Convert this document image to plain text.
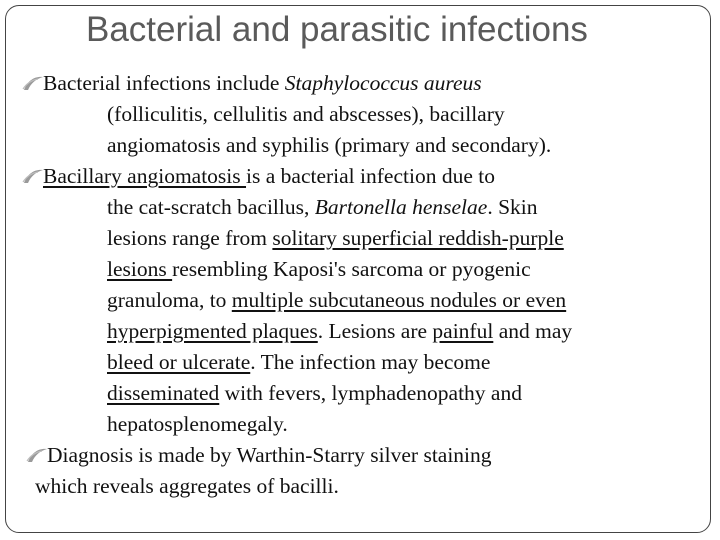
Bacterial and parasitic infections
Bacterial infections include Staphylococcus aureus
(folliculitis, cellulitis and abscesses), bacillary
angiomatosis and syphilis (primary and secondary).
Bacillary angiomatosis is a bacterial infection due to
the cat-scratch bacillus, Bartonella henselae. Skin
lesions range from solitary superficial reddish-purple
lesions resembling Kaposi's sarcoma or pyogenic
granuloma, to multiple subcutaneous nodules or even
hyperpigmented plaques. Lesions are painful and may
bleed or ulcerate. The infection may become
disseminated with fevers, lymphadenopathy and
hepatosplenomegaly.
Diagnosis is made by Warthin-Starry silver staining
which reveals aggregates of bacilli.
